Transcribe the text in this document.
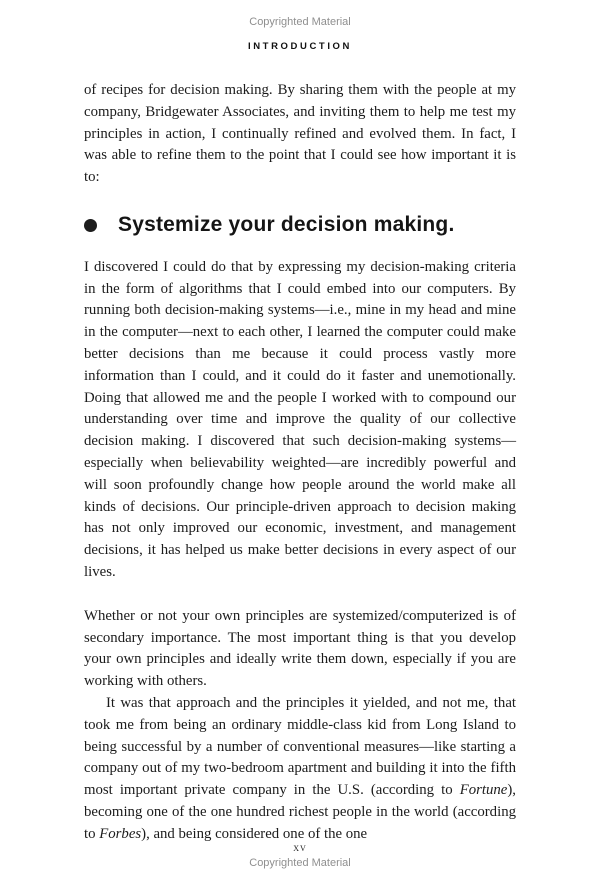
Copyrighted Material
INTRODUCTION

of recipes for decision making. By sharing them with the people at my company, Bridgewater Associates, and inviting them to help me test my principles in action, I continually refined and evolved them. In fact, I was able to refine them to the point that I could see how important it is to:

Systemize your decision making.

I discovered I could do that by expressing my decision-making criteria in the form of algorithms that I could embed into our computers. By running both decision-making systems—i.e., mine in my head and mine in the computer—next to each other, I learned the computer could make better decisions than me because it could process vastly more information than I could, and it could do it faster and unemotionally. Doing that allowed me and the people I worked with to compound our understanding over time and improve the quality of our collective decision making. I discovered that such decision-making systems—especially when believability weighted—are incredibly powerful and will soon profoundly change how people around the world make all kinds of decisions. Our principle-driven approach to decision making has not only improved our economic, investment, and management decisions, it has helped us make better decisions in every aspect of our lives.

Whether or not your own principles are systemized/computerized is of secondary importance. The most important thing is that you develop your own principles and ideally write them down, especially if you are working with others.

It was that approach and the principles it yielded, and not me, that took me from being an ordinary middle-class kid from Long Island to being successful by a number of conventional measures—like starting a company out of my two-bedroom apartment and building it into the fifth most important private company in the U.S. (according to Fortune), becoming one of the one hundred richest people in the world (according to Forbes), and being considered one of the one

xv
Copyrighted Material
